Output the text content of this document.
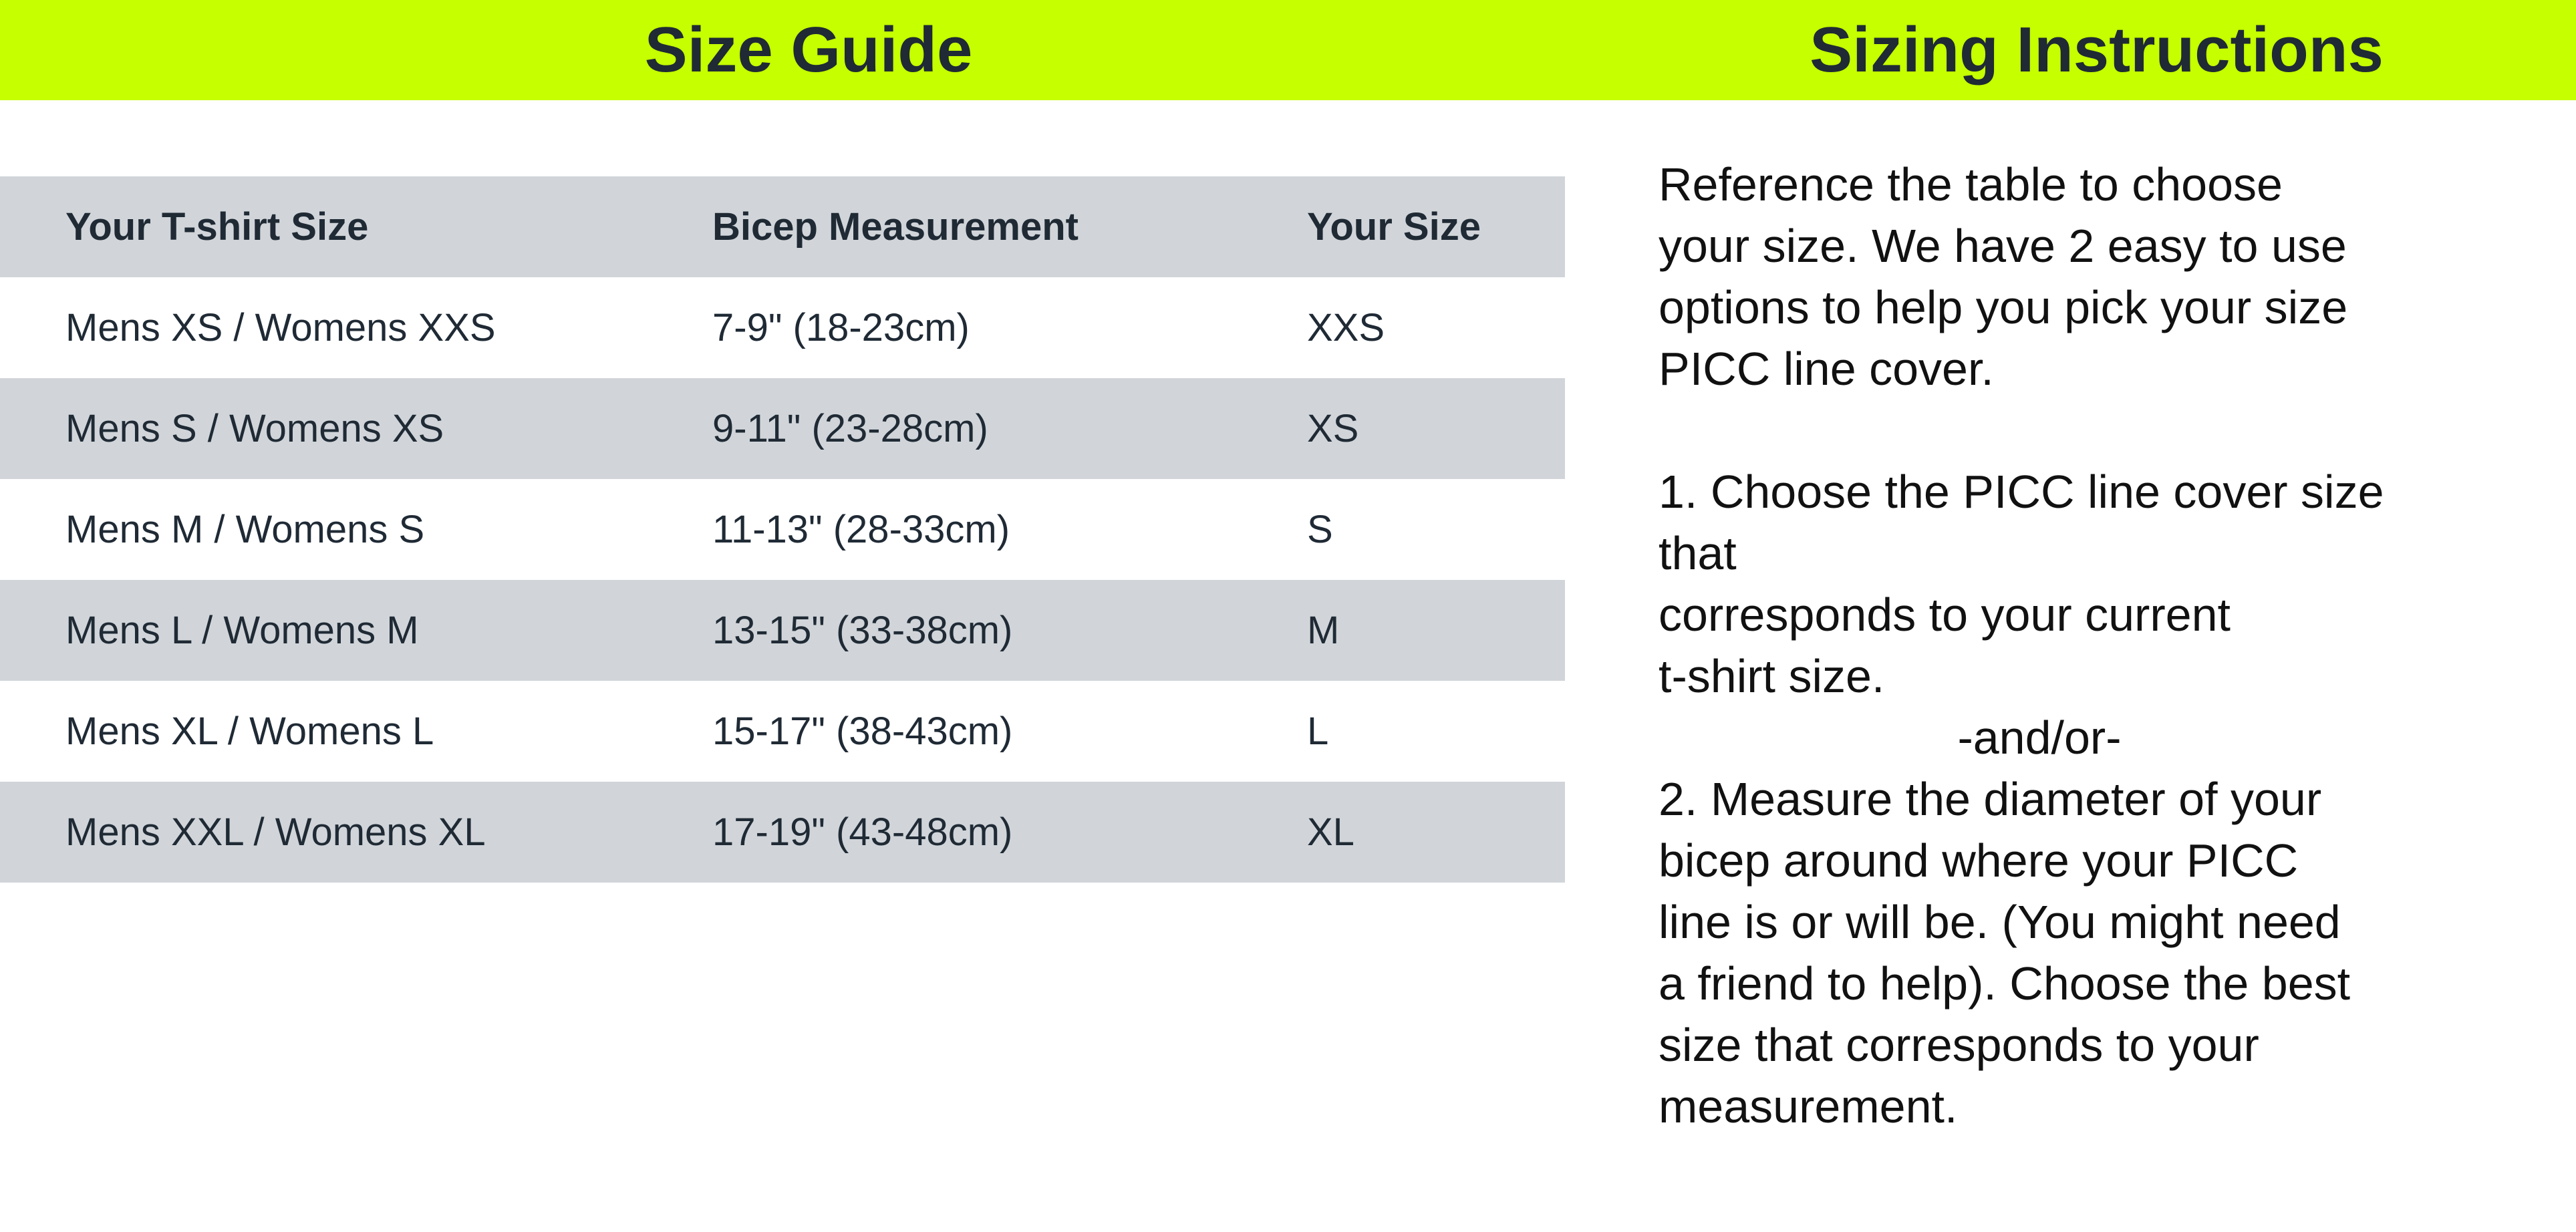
Size Guide	Sizing Instructions
Your T-shirt Size	Bicep Measurement	Your Size
Mens XS / Womens XXS	7-9" (18-23cm)	XXS
Mens S / Womens XS	9-11" (23-28cm)	XS
Mens M / Womens S	11-13" (28-33cm)	S
Mens L / Womens M	13-15" (33-38cm)	M
Mens XL / Womens L	15-17" (38-43cm)	L
Mens XXL / Womens XL	17-19" (43-48cm)	XL

Reference the table to choose
your size. We have 2 easy to use
options to help you pick your size
PICC line cover.

1. Choose the PICC line cover size
that
corresponds to your current
t-shirt size.

-and/or-

2. Measure the diameter of your
bicep around where your PICC
line is or will be. (You might need
a friend to help). Choose the best
size that corresponds to your
measurement.
